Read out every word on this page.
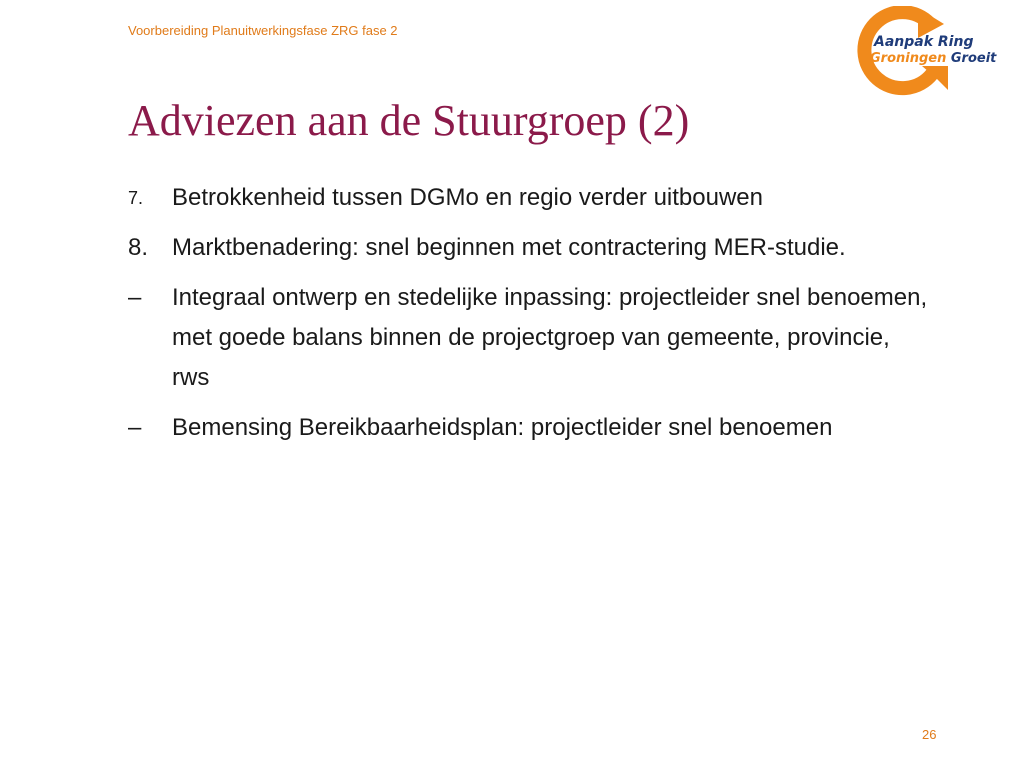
Voorbereiding Planuitwerkingsfase ZRG fase 2
Aanpak Ring
Groningen Groeit
Adviezen aan de Stuurgroep (2)
7.	Betrokkenheid tussen DGMo en regio verder uitbouwen
8. Marktbenadering: snel beginnen met contractering MER-studie.
–	Integraal ontwerp en stedelijke inpassing: projectleider snel benoemen, met goede balans binnen de projectgroep van gemeente, provincie, rws
–	Bemensing Bereikbaarheidsplan: projectleider snel benoemen
26
